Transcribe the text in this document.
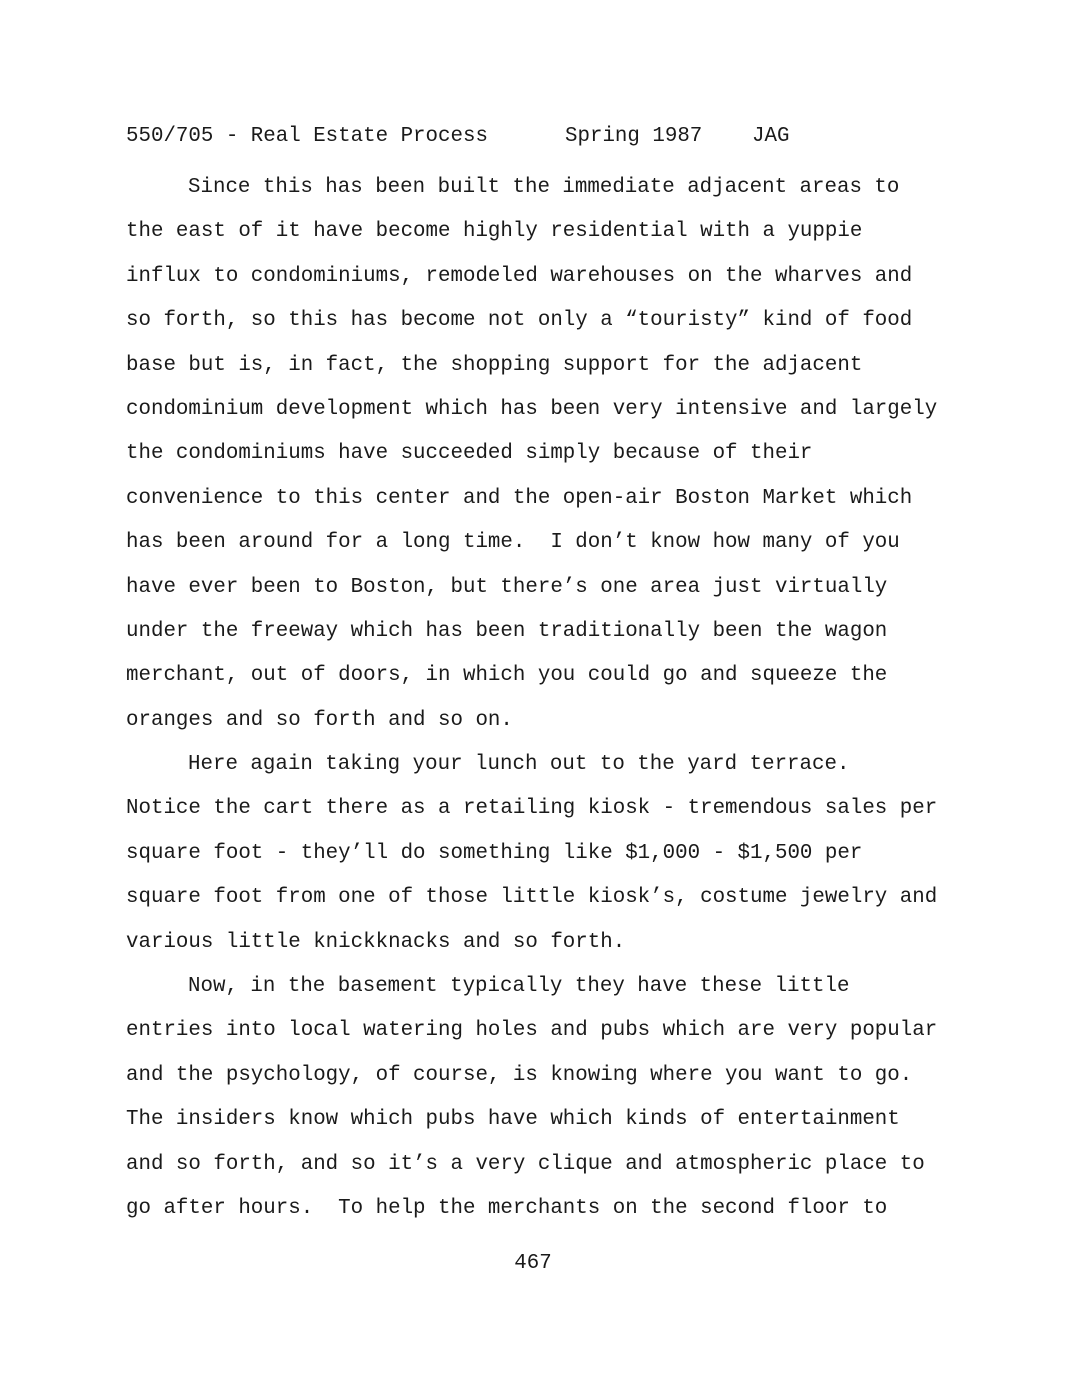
550/705 - Real Estate Process

	Spring 1987

JAG

Since this has been built the immediate adjacent areas to
the east of it have become highly residential with a yuppie
influx to condominiums, remodeled warehouses on the wharves and
so forth, so this has become not only a “touristy” kind of food
base but is, in fact, the shopping support for the adjacent
condominium development which has been very intensive and largely
the condominiums have succeeded simply because of their
convenience to this center and the open-air Boston Market which
has been around for a long time.  I don’t know how many of you
have ever been to Boston, but there’s one area just virtually
under the freeway which has been traditionally been the wagon
merchant, out of doors, in which you could go and squeeze the
oranges and so forth and so on.
Here again taking your lunch out to the yard terrace.
Notice the cart there as a retailing kiosk - tremendous sales per
square foot - they’ll do something like $1,000 - $1,500 per
square foot from one of those little kiosk’s, costume jewelry and
various little knickknacks and so forth.
Now, in the basement typically they have these little
entries into local watering holes and pubs which are very popular
and the psychology, of course, is knowing where you want to go.
The insiders know which pubs have which kinds of entertainment
and so forth, and so it’s a very clique and atmospheric place to
go after hours.  To help the merchants on the second floor to
467
